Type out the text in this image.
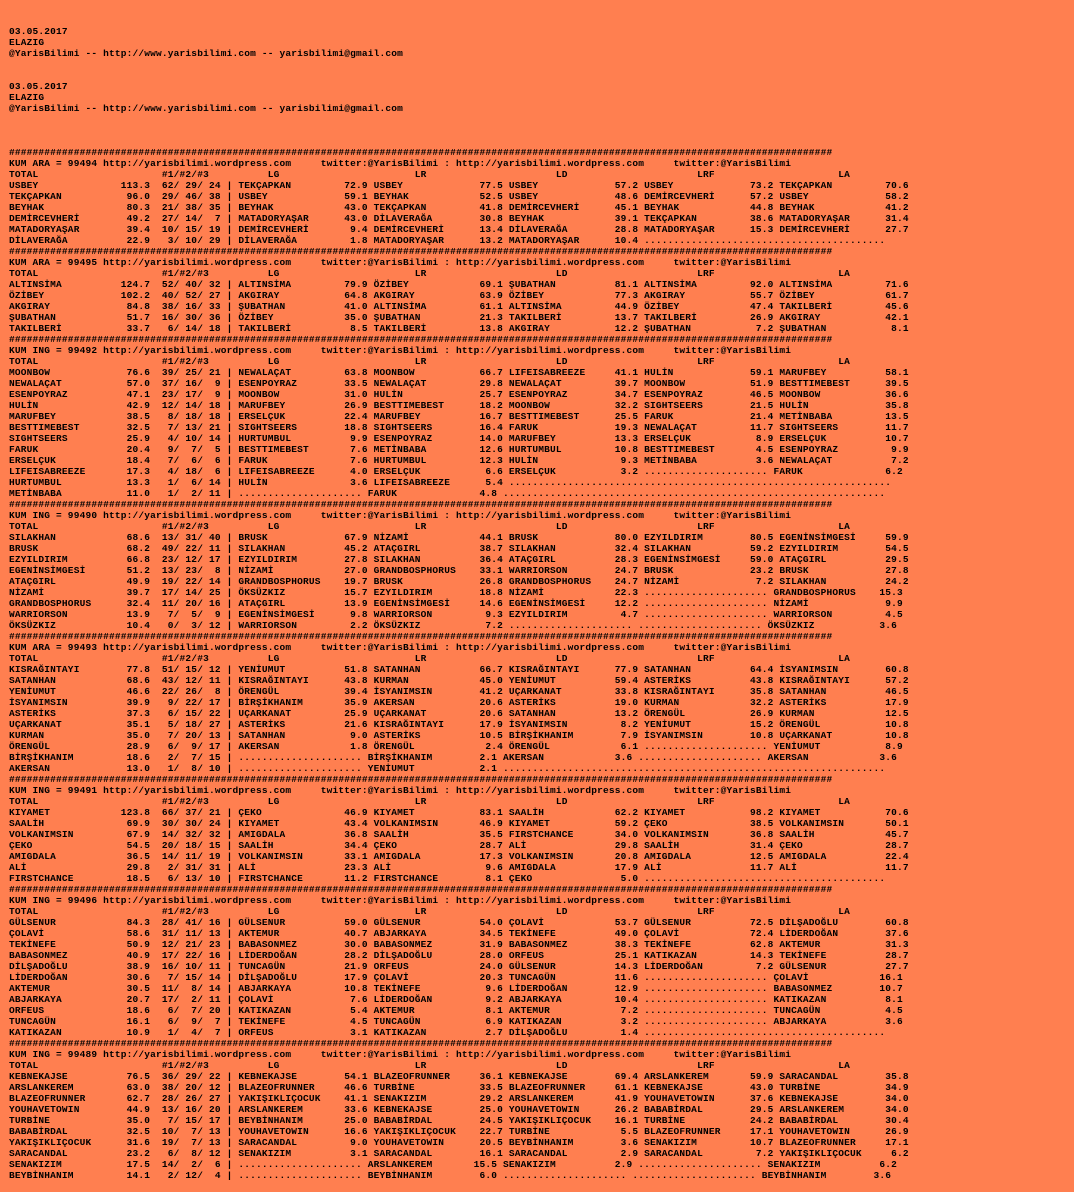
03.05.2017
ELAZIG
@YarisBilimi -- http://www.yarisbilimi.com -- yarisbilimi@gmail.com
03.05.2017
ELAZIG
@YarisBilimi -- http://www.yarisbilimi.com -- yarisbilimi@gmail.com

############################################################################################################################################
KUM ARA = 99494 http://yarisbilimi.wordpress.com     twitter:@YarisBilimi : http://yarisbilimi.wordpress.com     twitter:@YarisBilimi
TOTAL                     #1/#2/#3          LG                       LR                      LD                      LRF                     LA
USBEY              113.3  62/ 29/ 24 | TEKÇAPKAN         72.9 USBEY             77.5 USBEY             57.2 USBEY             73.2 TEKÇAPKAN         70.6
TEKÇAPKAN           96.0  29/ 46/ 38 | USBEY             59.1 BEYHAK            52.5 USBEY             48.6 DEMİRCEVHERİ      57.2 USBEY             58.2
BEYHAK              80.3  21/ 38/ 35 | BEYHAK            43.0 TEKÇAPKAN         41.8 DEMİRCEVHERİ      45.1 BEYHAK            44.8 BEYHAK            41.2
DEMİRCEVHERİ        49.2  27/ 14/  7 | MATADORYAŞAR      43.0 DİLAVERAĞA        30.8 BEYHAK            39.1 TEKÇAPKAN         38.6 MATADORYAŞAR      31.4
MATADORYAŞAR        39.4  10/ 15/ 19 | DEMİRCEVHERİ       9.4 DEMİRCEVHERİ      13.4 DİLAVERAĞA        28.8 MATADORYAŞAR      15.3 DEMİRCEVHERİ      27.7
DİLAVERAĞA          22.9   3/ 10/ 29 | DİLAVERAĞA         1.8 MATADORYAŞAR      13.2 MATADORYAŞAR      10.4 .........................................
############################################################################################################################################
KUM ARA = 99495 http://yarisbilimi.wordpress.com     twitter:@YarisBilimi : http://yarisbilimi.wordpress.com     twitter:@YarisBilimi
TOTAL                     #1/#2/#3          LG                       LR                      LD                      LRF                     LA
ALTINSİMA          124.7  52/ 40/ 32 | ALTINSİMA         79.9 ÖZİBEY            69.1 ŞUBATHAN          81.1 ALTINSİMA         92.0 ALTINSİMA         71.6
ÖZİBEY             102.2  40/ 52/ 27 | AKGIRAY           64.8 AKGIRAY           63.9 ÖZİBEY            77.3 AKGIRAY           55.7 ÖZİBEY            61.7
AKGIRAY             84.8  38/ 16/ 33 | ŞUBATHAN          41.0 ALTINSİMA         61.1 ALTINSİMA         44.9 ÖZİBEY            47.4 TAKILBERİ         45.6
ŞUBATHAN            51.7  16/ 30/ 36 | ÖZİBEY            35.0 ŞUBATHAN          21.3 TAKILBERİ         13.7 TAKILBERİ         26.9 AKGIRAY           42.1
TAKILBERİ           33.7   6/ 14/ 18 | TAKILBERİ          8.5 TAKILBERİ         13.8 AKGIRAY           12.2 ŞUBATHAN           7.2 ŞUBATHAN           8.1
############################################################################################################################################
KUM ING = 99492 http://yarisbilimi.wordpress.com     twitter:@YarisBilimi : http://yarisbilimi.wordpress.com     twitter:@YarisBilimi
TOTAL                     #1/#2/#3          LG                       LR                      LD                      LRF                     LA
MOONBOW             76.6  39/ 25/ 21 | NEWALAÇAT         63.8 MOONBOW           66.7 LIFEISABREEZE     41.1 HULİN             59.1 MARUFBEY          58.1
NEWALAÇAT           57.0  37/ 16/  9 | ESENPOYRAZ        33.5 NEWALAÇAT         29.8 NEWALAÇAT         39.7 MOONBOW           51.9 BESTTIMEBEST      39.5
ESENPOYRAZ          47.1  23/ 17/  9 | MOONBOW           31.0 HULİN             25.7 ESENPOYRAZ        34.7 ESENPOYRAZ        46.5 MOONBOW           36.6
HULİN               42.9  12/ 14/ 18 | MARUFBEY          26.9 BESTTIMEBEST      18.2 MOONBOW           32.2 SIGHTSEERS        21.5 HULİN             35.8
MARUFBEY            38.5   8/ 18/ 18 | ERSELÇUK          22.4 MARUFBEY          16.7 BESTTIMEBEST      25.5 FARUK             21.4 METİNBABA         13.5
BESTTIMEBEST        32.5   7/ 13/ 21 | SIGHTSEERS        18.8 SIGHTSEERS        16.4 FARUK             19.3 NEWALAÇAT         11.7 SIGHTSEERS        11.7
SIGHTSEERS          25.9   4/ 10/ 14 | HURTUMBUL          9.9 ESENPOYRAZ        14.0 MARUFBEY          13.3 ERSELÇUK           8.9 ERSELÇUK          10.7
FARUK               20.4   9/  7/  5 | BESTTIMEBEST       7.6 METİNBABA         12.6 HURTUMBUL         10.8 BESTTIMEBEST       4.5 ESENPOYRAZ         9.9
ERSELÇUK            18.4   7/  6/  6 | FARUK              7.6 HURTUMBUL         12.3 HULİN              9.3 METİNBABA          3.6 NEWALAÇAT          7.2
LIFEISABREEZE       17.3   4/ 18/  6 | LIFEISABREEZE      4.0 ERSELÇUK           6.6 ERSELÇUK           3.2 ..................... FARUK              6.2
HURTUMBUL           13.3   1/  6/ 14 | HULİN              3.6 LIFEISABREEZE      5.4 .................................................................
METİNBABA           11.0   1/  2/ 11 | ..................... FARUK              4.8 .................................................................
############################################################################################################################################
KUM ING = 99490 http://yarisbilimi.wordpress.com     twitter:@YarisBilimi : http://yarisbilimi.wordpress.com     twitter:@YarisBilimi
TOTAL                     #1/#2/#3          LG                       LR                      LD                      LRF                     LA
SILAKHAN            68.6  13/ 31/ 40 | BRUSK             67.9 NİZAMİ            44.1 BRUSK             80.0 EZYILDIRIM        80.5 EGENİNSİMGESİ     59.9
BRUSK               68.2  49/ 22/ 11 | SILAKHAN          45.2 ATAÇGIRL          38.7 SILAKHAN          32.4 SILAKHAN          59.2 EZYILDIRIM        54.5
EZYILDIRIM          66.8  23/ 12/ 17 | EZYILDIRIM        27.8 SILAKHAN          36.4 ATAÇGIRL          28.3 EGENİNSİMGESİ     59.0 ATAÇGIRL          29.5
EGENİNSİMGESİ       51.2  13/ 23/  8 | NİZAMİ            27.0 GRANDBOSPHORUS    33.1 WARRIORSON        24.7 BRUSK             23.2 BRUSK             27.8
ATAÇGIRL            49.9  19/ 22/ 14 | GRANDBOSPHORUS    19.7 BRUSK             26.8 GRANDBOSPHORUS    24.7 NİZAMİ             7.2 SILAKHAN          24.2
NİZAMİ              39.7  17/ 14/ 25 | ÖKSÜZKIZ          15.7 EZYILDIRIM        18.8 NİZAMİ            22.3 ..................... GRANDBOSPHORUS    15.3
GRANDBOSPHORUS      32.4  11/ 20/ 16 | ATAÇGIRL          13.9 EGENİNSİMGESİ     14.6 EGENİNSİMGESİ     12.2 ..................... NİZAMİ             9.9
WARRIORSON          13.9   7/  5/  9 | EGENİNSİMGESİ      9.8 WARRIORSON         9.3 EZYILDIRIM         4.7 ..................... WARRIORSON         4.5
ÖKSÜZKIZ            10.4   0/  3/ 12 | WARRIORSON         2.2 ÖKSÜZKIZ           7.2 ..................... ..................... ÖKSÜZKIZ           3.6
############################################################################################################################################
KUM ARA = 99493 http://yarisbilimi.wordpress.com     twitter:@YarisBilimi : http://yarisbilimi.wordpress.com     twitter:@YarisBilimi
TOTAL                     #1/#2/#3          LG                       LR                      LD                      LRF                     LA
KISRAĞINTAYI        77.8  51/ 15/ 12 | YENİUMUT          51.8 SATANHAN          66.7 KISRAĞINTAYI      77.9 SATANHAN          64.4 İSYANIMSIN        60.8
SATANHAN            68.6  43/ 12/ 11 | KISRAĞINTAYI      43.8 KURMAN            45.0 YENİUMUT          59.4 ASTERİKS          43.8 KISRAĞINTAYI      57.2
YENİUMUT            46.6  22/ 26/  8 | ÖRENGÜL           39.4 İSYANIMSIN        41.2 UÇARKANAT         33.8 KISRAĞINTAYI      35.8 SATANHAN          46.5
İSYANIMSIN          39.9   9/ 22/ 17 | BİRŞİKHANIM       35.9 AKERSAN           20.6 ASTERİKS          19.0 KURMAN            32.2 ASTERİKS          17.9
ASTERİKS            37.3   6/ 15/ 22 | UÇARKANAT         25.9 UÇARKANAT         20.6 SATANHAN          13.2 ÖRENGÜL           26.9 KURMAN            12.5
UÇARKANAT           35.1   5/ 18/ 27 | ASTERİKS          21.6 KISRAĞINTAYI      17.9 İSYANIMSIN         8.2 YENİUMUT          15.2 ÖRENGÜL           10.8
KURMAN              35.0   7/ 20/ 13 | SATANHAN           9.0 ASTERİKS          10.5 BİRŞİKHANIM        7.9 İSYANIMSIN        10.8 UÇARKANAT         10.8
ÖRENGÜL             28.9   6/  9/ 17 | AKERSAN            1.8 ÖRENGÜL            2.4 ÖRENGÜL            6.1 ..................... YENİUMUT           8.9
BİRŞİKHANIM         18.6   2/  7/ 15 | ..................... BİRŞİKHANIM        2.1 AKERSAN            3.6 ..................... AKERSAN            3.6
AKERSAN             13.0   1/  8/ 10 | ..................... YENİUMUT           2.1 .................................................................
############################################################################################################################################
KUM ING = 99491 http://yarisbilimi.wordpress.com     twitter:@YarisBilimi : http://yarisbilimi.wordpress.com     twitter:@YarisBilimi
TOTAL                     #1/#2/#3          LG                       LR                      LD                      LRF                     LA
KIYAMET            123.8  66/ 37/ 21 | ÇEKO              46.9 KIYAMET           83.1 SAALİH            62.2 KIYAMET           98.2 KIYAMET           70.6
SAALİH              69.9  30/ 30/ 24 | KIYAMET           43.4 VOLKANIMSIN       46.9 KIYAMET           59.2 ÇEKO              38.5 VOLKANIMSIN       50.1
VOLKANIMSIN         67.9  14/ 32/ 32 | AMIGDALA          36.8 SAALİH            35.5 FIRSTCHANCE       34.0 VOLKANIMSIN       36.8 SAALİH            45.7
ÇEKO                54.5  20/ 18/ 15 | SAALİH            34.4 ÇEKO              28.7 ALİ               29.8 SAALİH            31.4 ÇEKO              28.7
AMIGDALA            36.5  14/ 11/ 19 | VOLKANIMSIN       33.1 AMIGDALA          17.3 VOLKANIMSIN       20.8 AMIGDALA          12.5 AMIGDALA          22.4
ALİ                 29.8   2/ 31/ 31 | ALİ               23.3 ALİ                9.6 AMIGDALA          17.9 ALİ               11.7 ALİ               11.7
FIRSTCHANCE         18.5   6/ 13/ 10 | FIRSTCHANCE       11.2 FIRSTCHANCE        8.1 ÇEKO               5.0 .........................................
############################################################################################################################################
KUM ING = 99496 http://yarisbilimi.wordpress.com     twitter:@YarisBilimi : http://yarisbilimi.wordpress.com     twitter:@YarisBilimi
TOTAL                     #1/#2/#3          LG                       LR                      LD                      LRF                     LA
GÜLSENUR            84.3  28/ 41/ 16 | GÜLSENUR          59.0 GÜLSENUR          54.0 ÇOLAVİ            53.7 GÜLSENUR          72.5 DİLŞADOĞLU        60.8
ÇOLAVİ              58.6  31/ 11/ 13 | AKTEMUR           40.7 ABJARKAYA         34.5 TEKİNEFE          49.0 ÇOLAVİ            72.4 LİDERDOĞAN        37.6
TEKİNEFE            50.9  12/ 21/ 23 | BABASONMEZ        30.0 BABASONMEZ        31.9 BABASONMEZ        38.3 TEKİNEFE          62.8 AKTEMUR           31.3
BABASONMEZ          40.9  17/ 22/ 16 | LİDERDOĞAN        28.2 DİLŞADOĞLU        28.0 ORFEUS            25.1 KATIKAZAN         14.3 TEKİNEFE          28.7
DİLŞADOĞLU          38.9  16/ 10/ 11 | TUNCAGÜN          21.9 ORFEUS            24.0 GÜLSENUR          14.3 LİDERDOĞAN         7.2 GÜLSENUR          27.7
LİDERDOĞAN          30.6   7/ 15/ 14 | DİLŞADOĞLU        17.9 ÇOLAVİ            20.3 TUNCAGÜN          11.6 ..................... ÇOLAVİ            16.1
AKTEMUR             30.5  11/  8/ 14 | ABJARKAYA         10.8 TEKİNEFE           9.6 LİDERDOĞAN        12.9 ..................... BABASONMEZ        10.7
ABJARKAYA           20.7  17/  2/ 11 | ÇOLAVİ             7.6 LİDERDOĞAN         9.2 ABJARKAYA         10.4 ..................... KATIKAZAN          8.1
ORFEUS              18.6   6/  7/ 20 | KATIKAZAN          5.4 AKTEMUR            8.1 AKTEMUR            7.2 ..................... TUNCAGÜN           4.5
TUNCAGÜN            16.1   6/  9/  7 | TEKİNEFE           4.5 TUNCAGÜN           6.9 KATIKAZAN          3.2 ..................... ABJARKAYA          3.6
KATIKAZAN           10.9   1/  4/  7 | ORFEUS             3.1 KATIKAZAN          2.7 DİLŞADOĞLU         1.4 .........................................
############################################################################################################################################
KUM ING = 99489 http://yarisbilimi.wordpress.com     twitter:@YarisBilimi : http://yarisbilimi.wordpress.com     twitter:@YarisBilimi
TOTAL                     #1/#2/#3          LG                       LR                      LD                      LRF                     LA
KEBNEKAJSE          76.5  36/ 29/ 22 | KEBNEKAJSE        54.1 BLAZEOFRUNNER     36.1 KEBNEKAJSE        69.4 ARSLANKEREM       59.9 SARACANDAL        35.8
ARSLANKEREM         63.0  38/ 20/ 12 | BLAZEOFRUNNER     46.6 TURBİNE           33.5 BLAZEOFRUNNER     61.1 KEBNEKAJSE        43.0 TURBİNE           34.9
BLAZEOFRUNNER       62.7  28/ 26/ 27 | YAKIŞIKLIÇOCUK    41.1 SENAKIZIM         29.2 ARSLANKEREM       41.9 YOUHAVETOWIN      37.6 KEBNEKAJSE        34.0
YOUHAVETOWIN        44.9  13/ 16/ 20 | ARSLANKEREM       33.6 KEBNEKAJSE        25.0 YOUHAVETOWIN      26.2 BABABİRDAL        29.5 ARSLANKEREM       34.0
TURBİNE             35.0   7/ 15/ 17 | BEYBİNHANIM       25.0 BABABİRDAL        24.5 YAKIŞIKLIÇOCUK    16.1 TURBİNE           24.2 BABABİRDAL        30.4
BABABİRDAL          32.5  10/  7/ 13 | YOUHAVETOWIN      16.6 YAKIŞIKLIÇOCUK    22.7 TURBİNE            5.5 BLAZEOFRUNNER     17.1 YOUHAVETOWIN      26.9
YAKIŞIKLIÇOCUK      31.6  19/  7/ 13 | SARACANDAL         9.0 YOUHAVETOWIN      20.5 BEYBİNHANIM        3.6 SENAKIZIM         10.7 BLAZEOFRUNNER     17.1
SARACANDAL          23.2   6/  8/ 12 | SENAKIZIM          3.1 SARACANDAL        16.1 SARACANDAL         2.9 SARACANDAL         7.2 YAKIŞIKLIÇOCUK     6.2
SENAKIZIM           17.5  14/  2/  6 | ..................... ARSLANKEREM       15.5 SENAKIZIM          2.9 ..................... SENAKIZIM          6.2
BEYBİNHANIM         14.1   2/ 12/  4 | ..................... BEYBİNHANIM        6.0 ..................... ..................... BEYBİNHANIM        3.6
